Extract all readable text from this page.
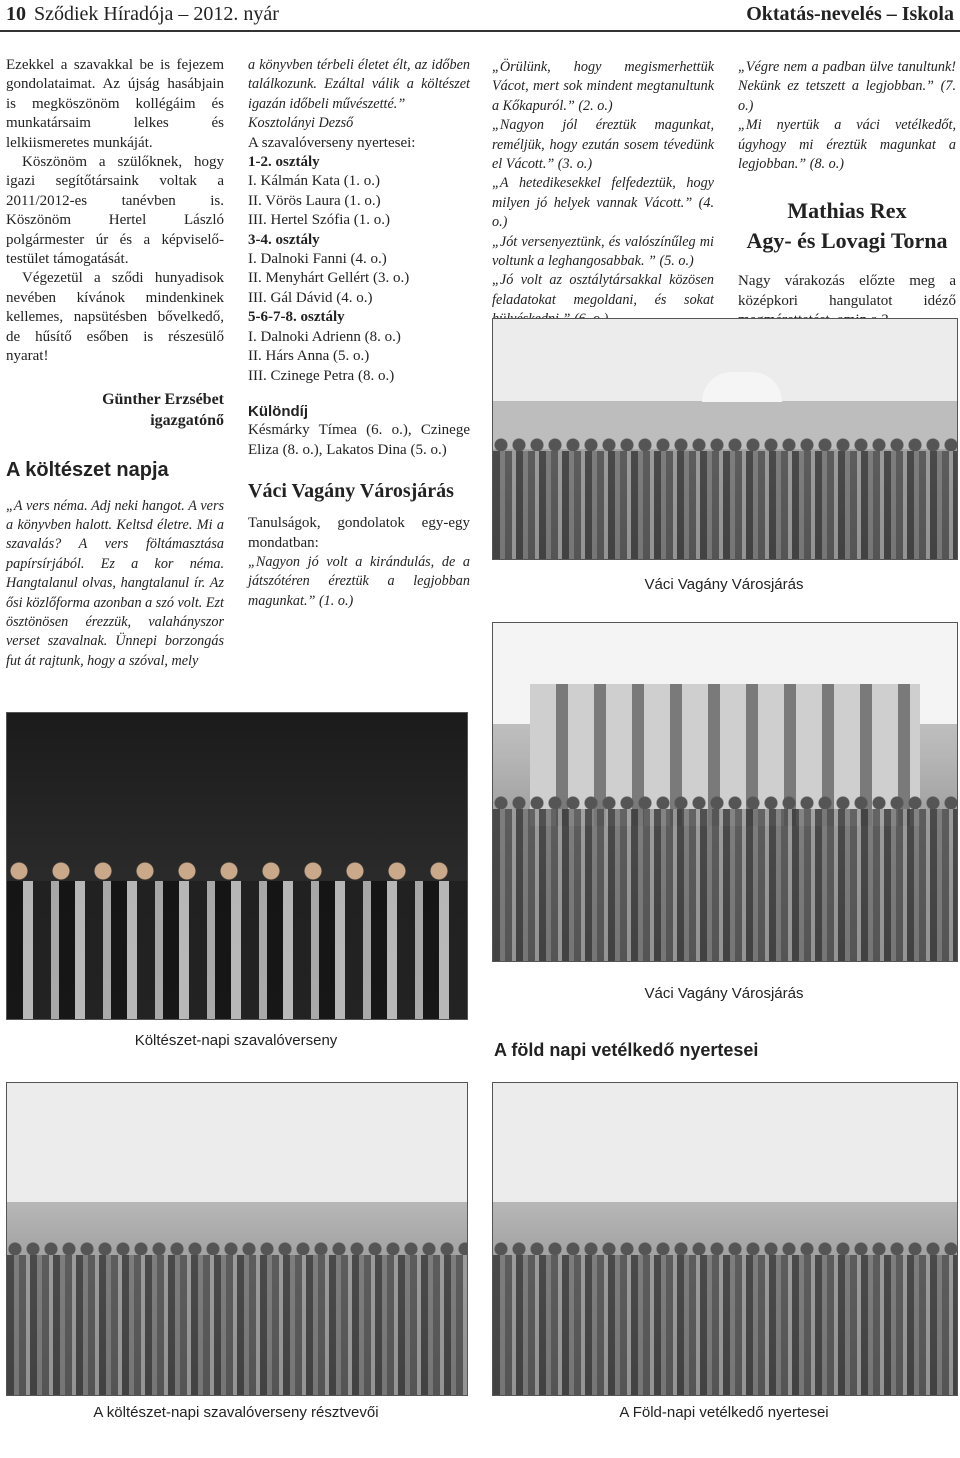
10 Sződiek Híradója – 2012. nyár	Oktatás-nevelés – Iskola

Ezekkel a szavakkal be is fejezem gondolataimat. Az újság hasábjain is megköszönöm kollégáim és munkatársaim lelkes és lelkiismeretes munkáját.

Köszönöm a szülőknek, hogy igazi segítőtársaink voltak a 2011/2012-es tanévben is. Köszönöm Hertel László polgármester úr és a képviselő-testület támogatását.

Végezetül a sződi hunyadisok nevében kívánok mindenkinek kellemes, napsütésben bővelkedő, de hűsítő esőben is részesülő nyarat!

Günther Erzsébet
igazgatónő
A költészet napja

„A vers néma. Adj neki hangot. A vers a könyvben halott. Keltsd életre. Mi a szavalás? A vers föltámasztása papírsírjából. Ez a kor néma. Hangtalanul olvas, hangtalanul ír. Az ősi közlőforma azonban a szó volt. Ezt ösztönösen érezzük, valahányszor verset szavalnak. Ünnepi borzongás fut át rajtunk, hogy a szóval, mely

a könyvben térbeli életet élt, az időben találkozunk. Ezáltal válik a költészet igazán időbeli művészetté.”

Kosztolányi Dezső

A szavalóverseny nyertesei:

1-2. osztály
I. Kálmán Kata (1. o.)
II. Vörös Laura (1. o.)
III. Hertel Szófia (1. o.)
3-4. osztály
I. Dalnoki Fanni (4. o.)
II. Menyhárt Gellért (3. o.)
III. Gál Dávid (4. o.)
5-6-7-8. osztály
I. Dalnoki Adrienn (8. o.)
II. Hárs Anna (5. o.)
III. Czinege Petra (8. o.)
Különdíj

Késmárky Tímea (6. o.), Czinege Eliza (8. o.), Lakatos Dina (5. o.)

Váci Vagány Városjárás

Tanulságok, gondolatok egy-egy mondatban:

„Nagyon jó volt a kirándulás, de a játszótéren éreztük a legjobban magunkat.” (1. o.)

„Örülünk, hogy megismerhettük Vácot, mert sok mindent megtanultunk a Kőkapuról.” (2. o.)

„Nagyon jól éreztük magunkat, reméljük, hogy ezután sosem tévedünk el Vácott.” (3. o.)

„A hetedikesekkel felfedeztük, hogy milyen jó helyek vannak Vácott.” (4. o.)

„Jót versenyeztünk, és valószínűleg mi voltunk a leghangosabbak. ” (5. o.)

„Jó volt az osztálytársakkal közösen feladatokat megoldani, és sokat

„Végre nem a padban ülve tanultunk! Nekünk ez tetszett a legjobban.” (7. o.)

„Mi nyertük a váci vetélkedőt, úgyhogy mi éreztük magunkat a legjobban.” (8. o.)

Mathias Rex
Agy- és Lovagi Torna

Nagy várakozás előzte meg a középkori hangulatot idéző

Váci Vagány Városjárás
Váci Vagány Városjárás
Költészet-napi szavalóverseny	A föld napi vetélkedő nyertesei
A költészet-napi szavalóverseny résztvevői	A Föld-napi vetélkedő nyertesei
